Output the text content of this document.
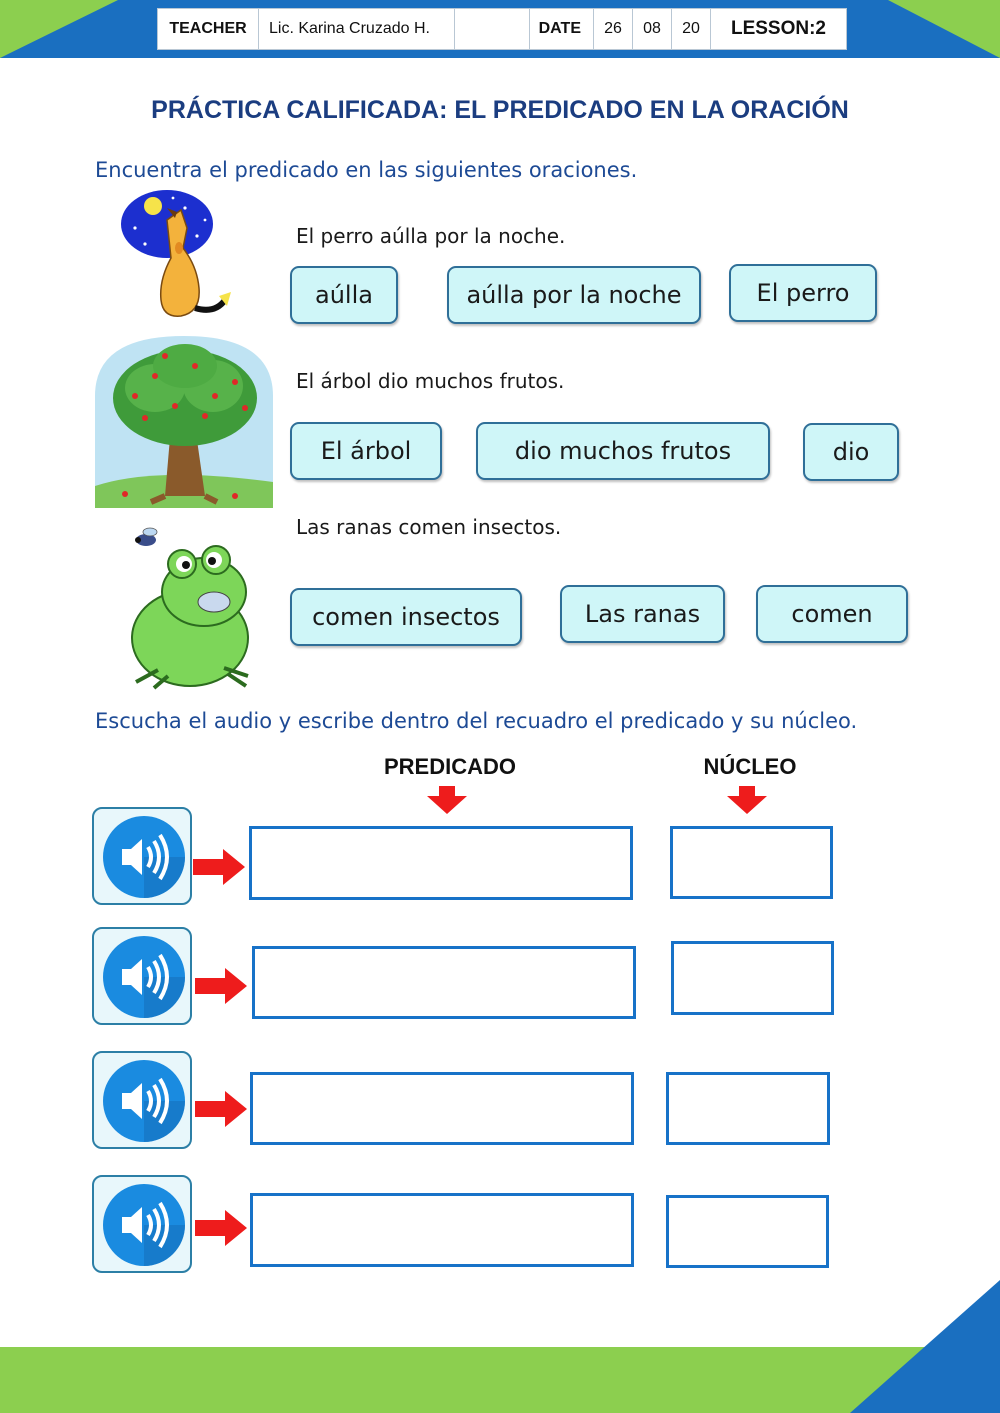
TEACHER	Lic. Karina Cruzado H.	DATE	26	08	20	LESSON:2
PRÁCTICA CALIFICADA: EL PREDICADO EN LA ORACIÓN
Encuentra el predicado en las siguientes oraciones.
El perro aúlla por la noche.
aúlla	aúlla por la noche	El perro
El árbol dio muchos frutos.
El árbol	dio muchos frutos	dio
Las ranas comen insectos.
comen insectos	Las ranas	comen
Escucha el audio y escribe dentro del recuadro el predicado y su núcleo.
PREDICADO	NÚCLEO
